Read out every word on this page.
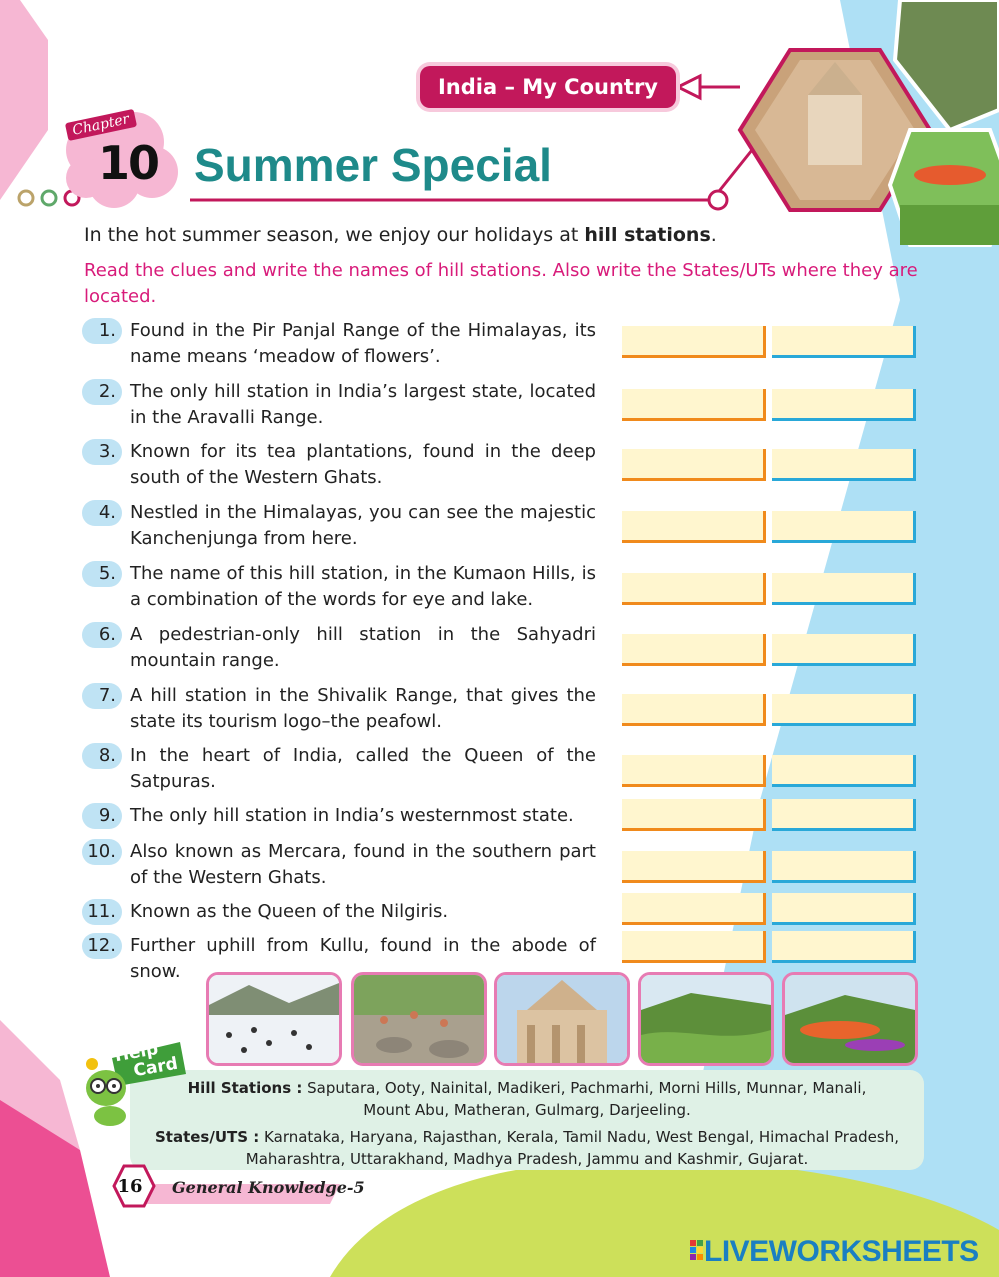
India – My Country
Chapter
10 Summer Special
In the hot summer season, we enjoy our holidays at hill stations.
Read the clues and write the names of hill stations. Also write the States/UTs where they are located.
1. Found in the Pir Panjal Range of the Himalayas, its name means ‘meadow of flowers’.
2. The only hill station in India’s largest state, located in the Aravalli Range.
3. Known for its tea plantations, found in the deep south of the Western Ghats.
4. Nestled in the Himalayas, you can see the majestic Kanchenjunga from here.
5. The name of this hill station, in the Kumaon Hills, is a combination of the words for eye and lake.
6. A pedestrian-only hill station in the Sahyadri mountain range.
7. A hill station in the Shivalik Range, that gives the state its tourism logo–the peafowl.
8. In the heart of India, called the Queen of the Satpuras.
9. The only hill station in India’s westernmost state.
10. Also known as Mercara, found in the southern part of the Western Ghats.
11. Known as the Queen of the Nilgiris.
12. Further uphill from Kullu, found in the abode of snow.
Help
Card
Hill Stations : Saputara, Ooty, Nainital, Madikeri, Pachmarhi, Morni Hills, Munnar, Manali,
Mount Abu, Matheran, Gulmarg, Darjeeling.
States/UTS : Karnataka, Haryana, Rajasthan, Kerala, Tamil Nadu, West Bengal, Himachal Pradesh,
Maharashtra, Uttarakhand, Madhya Pradesh, Jammu and Kashmir, Gujarat.
16	General Knowledge-5
LIVEWORKSHEETS
